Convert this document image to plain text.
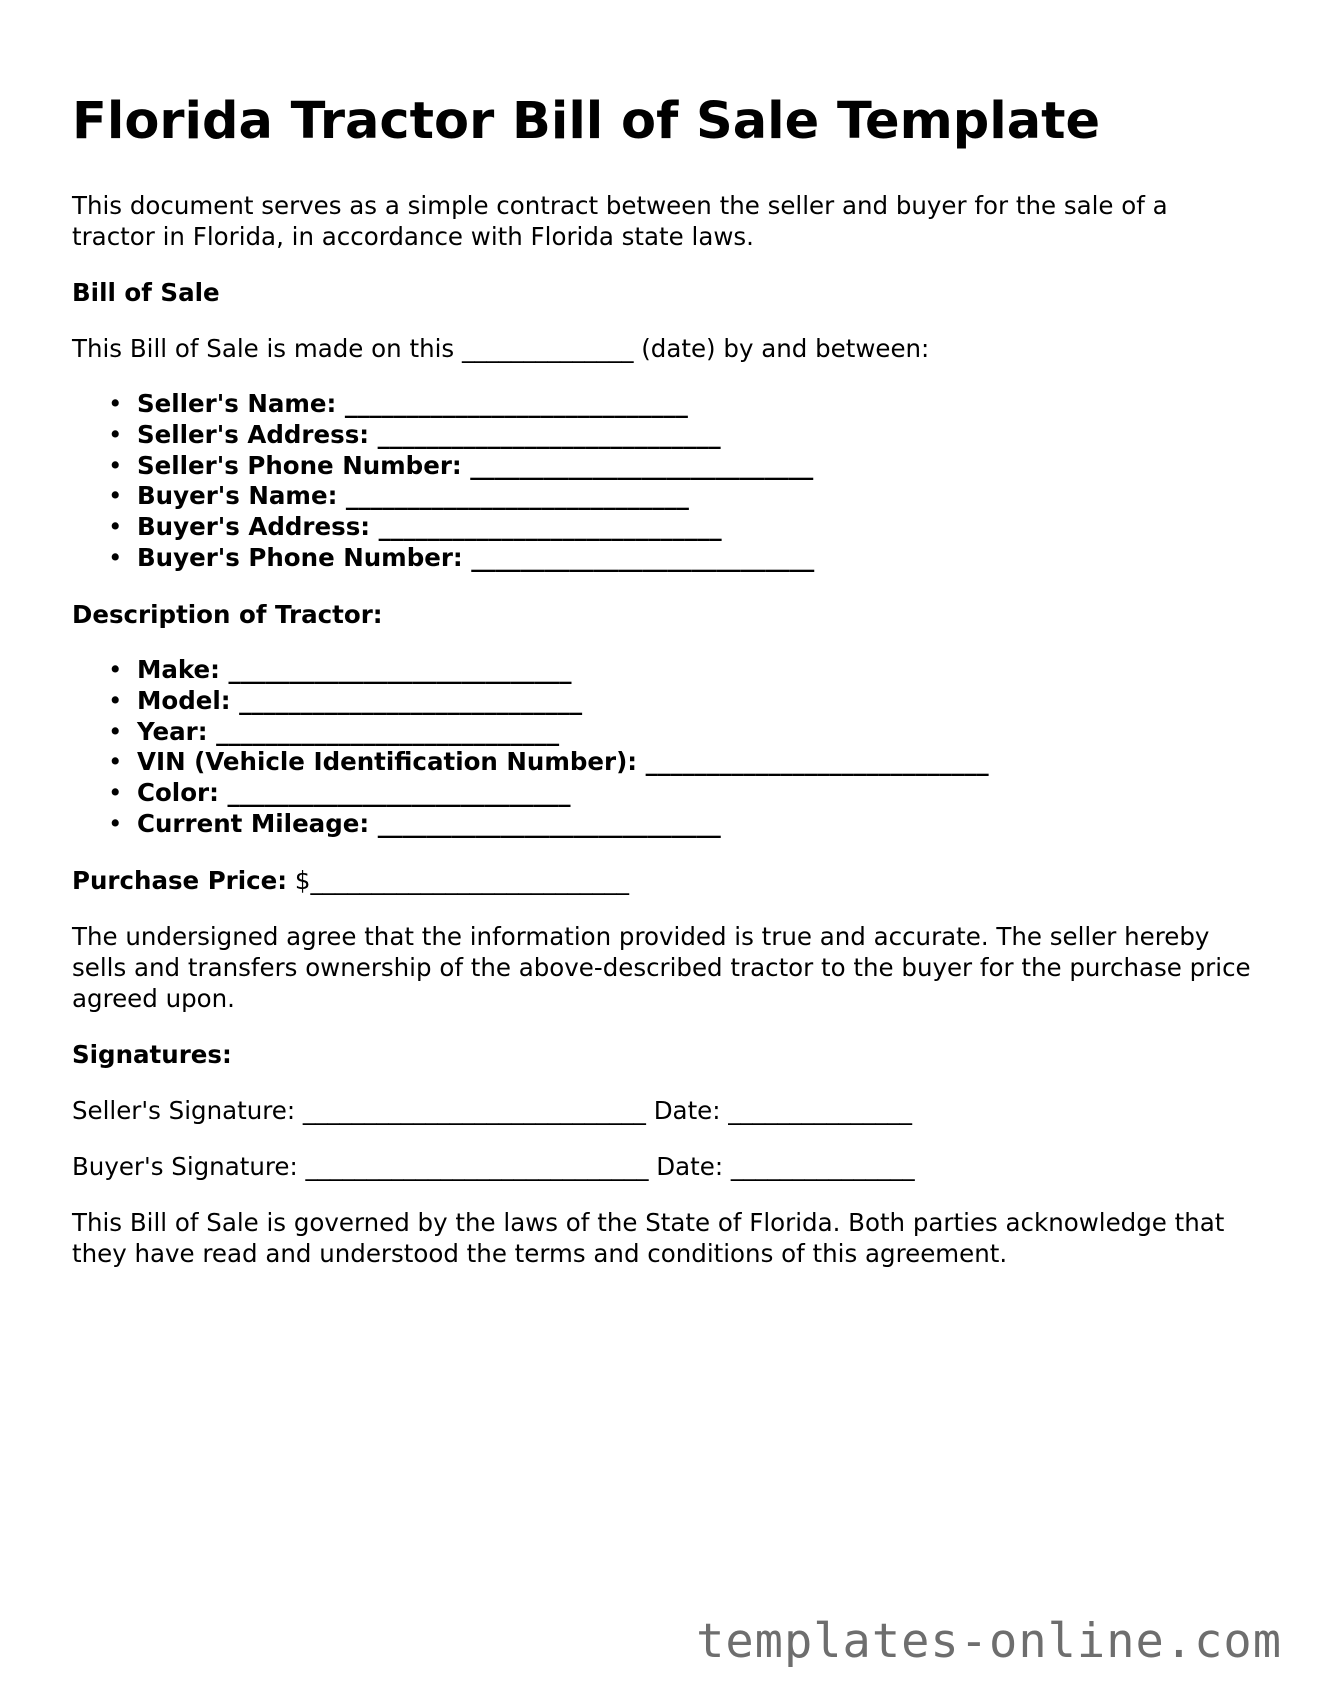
Florida Tractor Bill of Sale Template

This document serves as a simple contract between the seller and buyer for the sale of a tractor in Florida, in accordance with Florida state laws.

Bill of Sale
This Bill of Sale is made on this ______________ (date) by and between:
• Seller's Name: ____________________________
• Seller's Address: ____________________________
• Seller's Phone Number: ____________________________
• Buyer's Name: ____________________________
• Buyer's Address: ____________________________
• Buyer's Phone Number: ____________________________
Description of Tractor:
• Make: ____________________________
• Model: ____________________________
• Year: ____________________________
• VIN (Vehicle Identification Number): ____________________________
• Color: ____________________________
• Current Mileage: ____________________________
Purchase Price: $__________________________

The undersigned agree that the information provided is true and accurate. The seller hereby sells and transfers ownership of the above-described tractor to the buyer for the purchase price agreed upon.

Signatures:
Seller's Signature: ____________________________ Date: _______________
Buyer's Signature: ____________________________ Date: _______________

This Bill of Sale is governed by the laws of the State of Florida. Both parties acknowledge that they have read and understood the terms and conditions of this agreement.

templates-online.com
